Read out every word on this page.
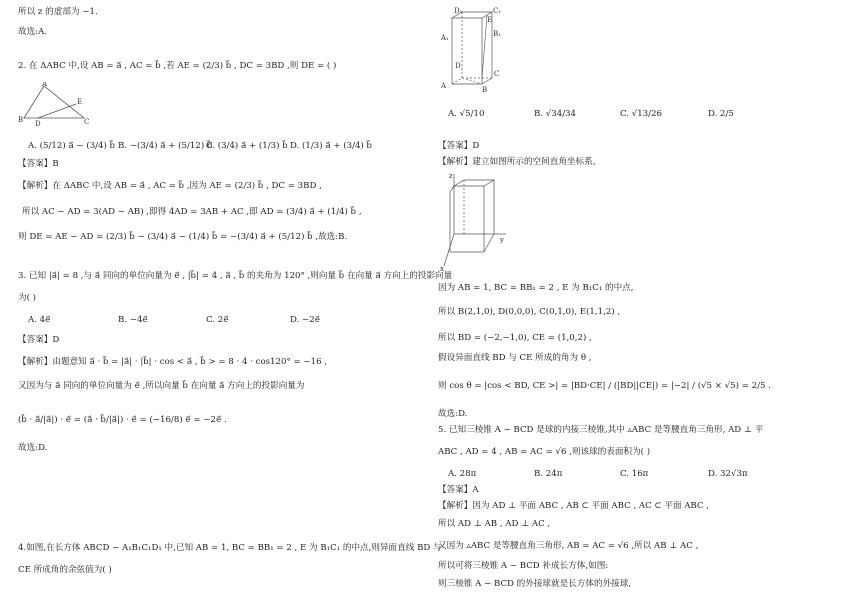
所以 z 的虚部为 −1.
故选:A.
2. 在 ΔABC 中,设 AB = a⃗ , AC = b⃗ ,若 AE = (2/3) b⃗ , DC = 3BD ,则 DE = ( )
A
B D	C
E
A. (5/12) a⃗ − (3/4) b⃗ B. −(3/4) a⃗ + (5/12) b⃗
C. (3/4) a⃗ + (1/3) b⃗ D. (1/3) a⃗ + (3/4) b⃗
【答案】B
【解析】在 ΔABC 中,设 AB = a⃗ , AC = b⃗ ,因为 AE = (2/3) b⃗ , DC = 3BD ,
所以 AC − AD = 3(AD − AB) ,即得 4AD = 3AB + AC ,即 AD = (3/4) a⃗ + (1/4) b⃗ ,
则 DE = AE − AD = (2/3) b⃗ − (3/4) a⃗ − (1/4) b⃗ = −(3/4) a⃗ + (5/12) b⃗ ,故选:B.
3. 已知 |a⃗| = 8 ,与 a⃗ 同向的单位向量为 e⃗ , |b⃗| = 4 , a⃗ , b⃗ 的夹角为 120° ,则向量 b⃗ 在向量 a⃗ 方向上的投影向量
为( )
A. 4e⃗	B. −4e⃗	C. 2e⃗	D. −2e⃗
【答案】D
【解析】由题意知 a⃗ · b⃗ = |a⃗| · |b⃗| · cos < a⃗ , b⃗ > = 8 · 4 · cos120° = −16 ,
又因为与 a⃗ 同向的单位向量为 e⃗ ,所以向量 b⃗ 在向量 a⃗ 方向上的投影向量为
(b⃗ · a⃗/|a⃗|) · e⃗ = (a⃗ · b⃗/|a⃗|) · e⃗ = (−16/8) e⃗ = −2e⃗ .
故选:D.
4.如图,在长方体 ABCD − A₁B₁C₁D₁ 中,已知 AB = 1, BC = BB₁ = 2 , E 为 B₁C₁ 的中点,则异面直线 BD 与
CE 所成角的余弦值为( )
D₁	C₁
A₁	B₁
D
C
A	B
E
A. √5/10	B. √34/34	C. √13/26	D. 2/5
【答案】D
【解析】建立如图所示的空间直角坐标系,
z
x
y
因为 AB = 1, BC = BB₁ = 2 , E 为 B₁C₁ 的中点,
所以 B(2,1,0), D(0,0,0), C(0,1,0), E(1,1,2) ,
所以 BD = (−2,−1,0), CE = (1,0,2) ,
假设异面直线 BD 与 CE 所成的角为 θ ,
则 cos θ = |cos < BD, CE >| = |BD·CE| / (|BD||CE|) = |−2| / (√5 × √5) = 2/5 .
故选:D.
5. 已知三棱锥 A − BCD 是球的内接三棱锥,其中 ▵ABC 是等腰直角三角形, AD ⊥ 平
ABC , AD = 4 , AB = AC = √6 ,则该球的表面积为( )
A. 28π	B. 24π	C. 16π	D. 32√3π
【答案】A
【解析】因为 AD ⊥ 平面 ABC , AB ⊂ 平面 ABC , AC ⊂ 平面 ABC ,
所以 AD ⊥ AB , AD ⊥ AC ,
又因为 ▵ABC 是等腰直角三角形, AB = AC = √6 ,所以 AB ⊥ AC ,
所以可将三棱锥 A − BCD 补成长方体,如图:
则三棱锥 A − BCD 的外接球就是长方体的外接球,
